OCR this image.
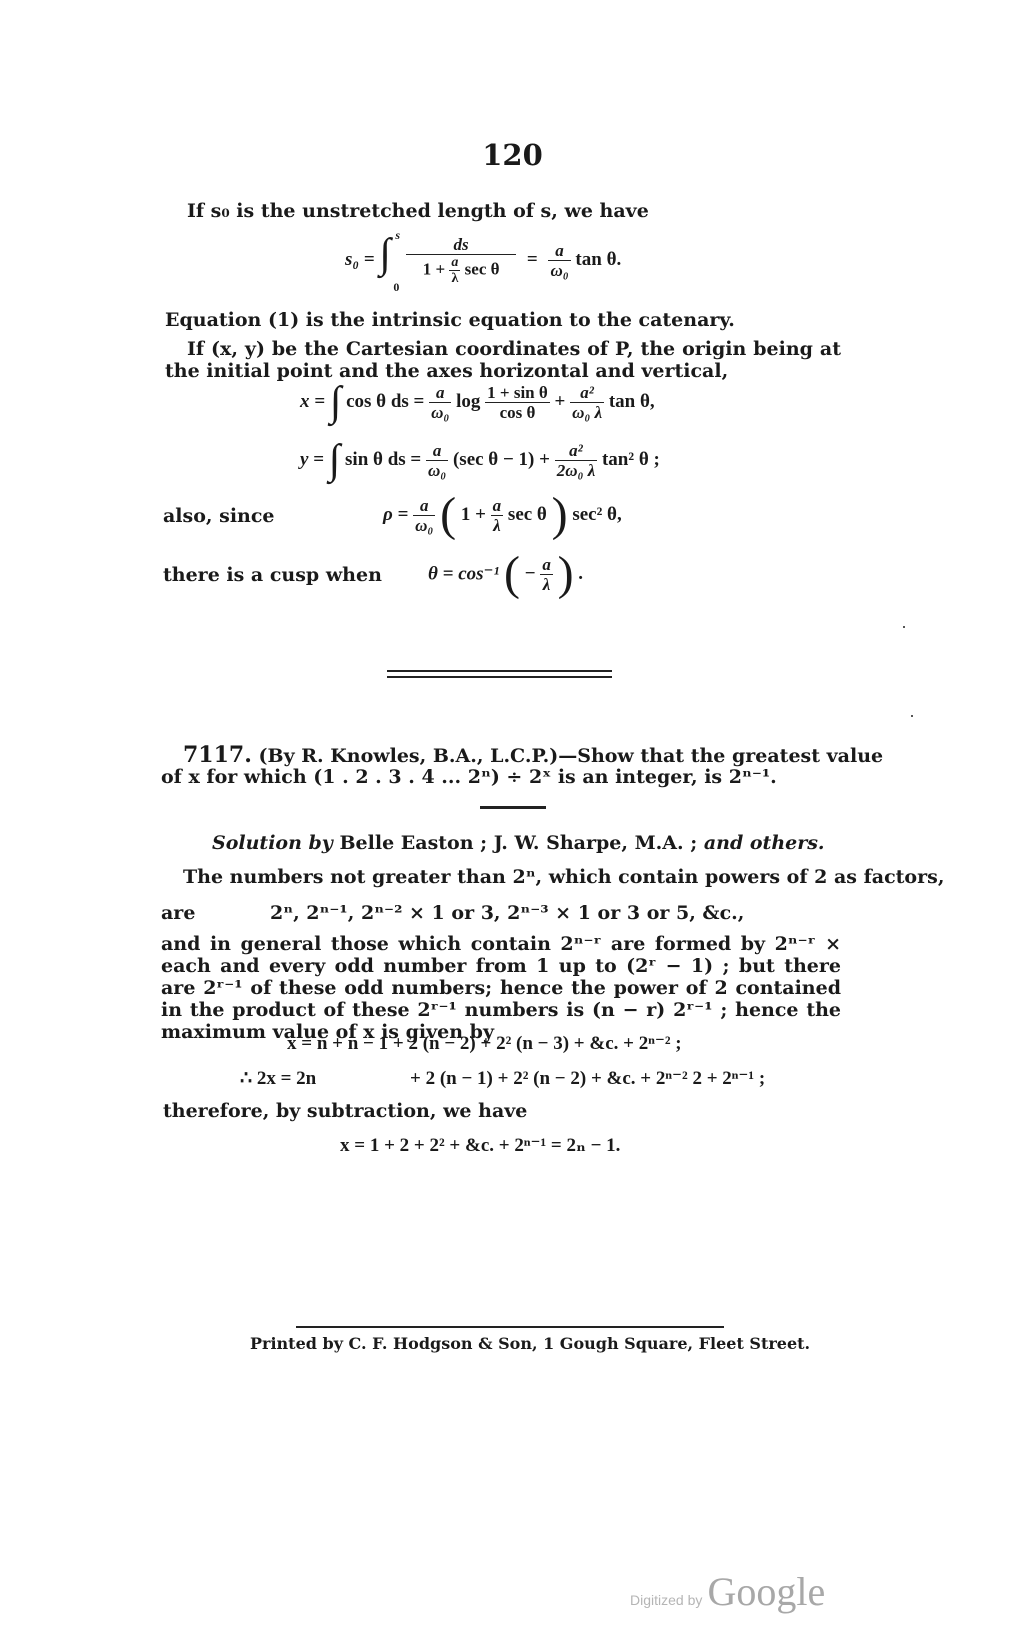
120
If s₀ is the unstretched length of s, we have
s₀ = ∫ s
0

$\frac{ds}{1 + \frac{a}{\lambda} \sec \theta} = \frac{a}{\text{ω₀}}$ tan θ.
Equation (1) is the intrinsic equation to the catenary.
If (x, y) be the Cartesian coordinates of P, the origin being at the initial point and the axes horizontal and vertical,
x = ∫ cos θ ds = $\frac{a}{\text{ω₀}}$ $\log \frac{\text{1 + sin θ}}{\text{cos θ}} + \frac{\text{a²}}{\text{ω₀ λ}}$ tan θ,
y = ∫ sin θ ds = $\frac{a}{\text{ω₀}} (\sec$ $\theta - 1) + \frac{\text{a²}}{\text{2ω₀ λ}} \tan^2$ θ ;
also, since	$\rho = \frac{a}{\text{ω₀}}$ ( $1 + \frac{a}{\lambda}$ sec θ ) sec² θ,
there is a cusp when θ = cos⁻¹ ( − $\frac{a}{\lambda}$ ) .
7117. (By R. Knowles, B.A., L.C.P.)—Show that the greatest value
of x for which (1 . 2 . 3 . 4 ... 2ⁿ) ÷ 2ˣ is an integer, is 2ⁿ⁻¹.
Solution by Belle Easton ; J. W. Sharpe, M.A. ; and others.
The numbers not greater than 2ⁿ, which contain powers of 2 as factors,
are	2ⁿ, 2ⁿ⁻¹, 2ⁿ⁻² × 1 or 3, 2ⁿ⁻³ × 1 or 3 or 5, &c.,
and in general those which contain 2ⁿ⁻ʳ are formed by 2ⁿ⁻ʳ × each and every odd number from 1 up to (2ʳ − 1) ; but there are 2ʳ⁻¹ of these odd numbers; hence the power of 2 contained in the product of these 2ʳ⁻¹ numbers is (n − r) 2ʳ⁻¹ ; hence the maximum value of x is given by
x = n + n − 1 + 2 (n − 2) + 2² (n − 3) + &c. + 2ⁿ⁻² ;
∴ 2x = 2n	+ 2 (n − 1) + 2² (n − 2) + &c. + 2ⁿ⁻² 2 + 2ⁿ⁻¹ ;
therefore, by subtraction, we have
x = 1 + 2 + 2² + &c. + 2ⁿ⁻¹ = 2ₙ − 1.
Printed by C. F. Hodgson & Son, 1 Gough Square, Fleet Street.
Digitized by Google
